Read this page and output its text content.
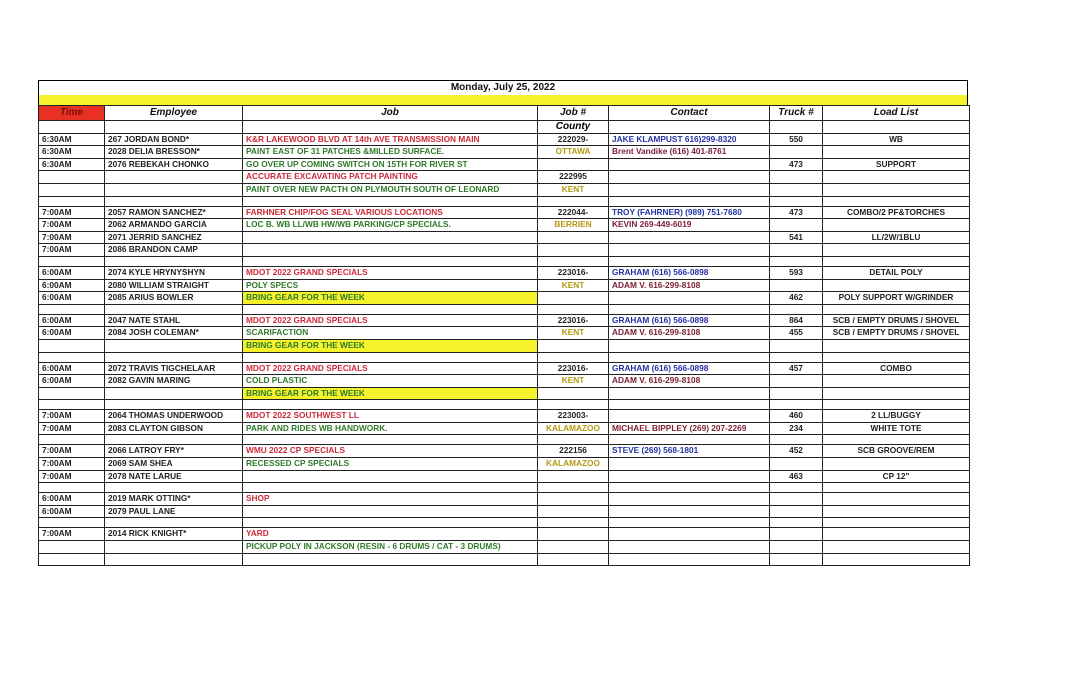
Monday, July 25, 2022
Time	Employee	Job	Job #	Contact	Truck #	Load List
			County			
6:30AM	267 JORDAN BOND*	K&R LAKEWOOD BLVD AT 14th AVE TRANSMISSION MAIN	222029-	JAKE KLAMPUST 616)299-8320	550	WB
6:30AM	2028 DELIA BRESSON*	PAINT EAST OF 31 PATCHES &MILLED SURFACE.	OTTAWA	Brent Vandike (616) 401-8761		
6:30AM	2076 REBEKAH CHONKO	GO OVER UP COMING SWITCH ON 15TH FOR RIVER ST			473	SUPPORT
		ACCURATE EXCAVATING PATCH PAINTING	222995			
		PAINT OVER NEW PACTH ON PLYMOUTH SOUTH OF LEONARD	KENT			

7:00AM	2057 RAMON SANCHEZ*	FARHNER CHIP/FOG SEAL VARIOUS LOCATIONS	222044-	TROY (FAHRNER) (989) 751-7680	473	COMBO/2 PF&TORCHES
7:00AM	2062 ARMANDO GARCIA	LOC B. WB LL/WB HW/WB PARKING/CP SPECIALS.	BERRIEN	KEVIN 269-449-6019		
7:00AM	2071 JERRID SANCHEZ				541	LL/2W/1BLU
7:00AM	2086 BRANDON CAMP					

6:00AM	2074 KYLE HRYNYSHYN	MDOT 2022 GRAND SPECIALS	223016-	GRAHAM (616) 566-0898	593	DETAIL POLY
6:00AM	2080 WILLIAM STRAIGHT	POLY SPECS	KENT	ADAM V. 616-299-8108		
6:00AM	2085 ARIUS BOWLER	BRING GEAR FOR THE WEEK			462	POLY SUPPORT W/GRINDER

6:00AM	2047 NATE STAHL	MDOT 2022 GRAND SPECIALS	223016-	GRAHAM (616) 566-0898	864	SCB / EMPTY DRUMS / SHOVEL
6:00AM	2084 JOSH COLEMAN*	SCARIFACTION	KENT	ADAM V. 616-299-8108	455	SCB / EMPTY DRUMS / SHOVEL
		BRING GEAR FOR THE WEEK				

6:00AM	2072 TRAVIS TIGCHELAAR	MDOT 2022 GRAND SPECIALS	223016-	GRAHAM (616) 566-0898	457	COMBO
6:00AM	2082 GAVIN MARING	COLD PLASTIC	KENT	ADAM V. 616-299-8108		
		BRING GEAR FOR THE WEEK				

7:00AM	2064 THOMAS UNDERWOOD	MDOT 2022 SOUTHWEST LL	223003-		460	2 LL/BUGGY
7:00AM	2083 CLAYTON GIBSON	PARK AND RIDES WB HANDWORK.	KALAMAZOO	MICHAEL BIPPLEY (269) 207-2269	234	WHITE TOTE

7:00AM	2066 LATROY FRY*	WMU 2022 CP SPECIALS	222156	STEVE (269) 568-1801	452	SCB GROOVE/REM
7:00AM	2069 SAM SHEA	RECESSED CP SPECIALS	KALAMAZOO			
7:00AM	2078 NATE LARUE				463	CP 12"

6:00AM	2019 MARK OTTING*	SHOP				
6:00AM	2079 PAUL LANE					

7:00AM	2014 RICK KNIGHT*	YARD				
		PICKUP POLY IN JACKSON (RESIN - 6 DRUMS / CAT - 3 DRUMS)				
